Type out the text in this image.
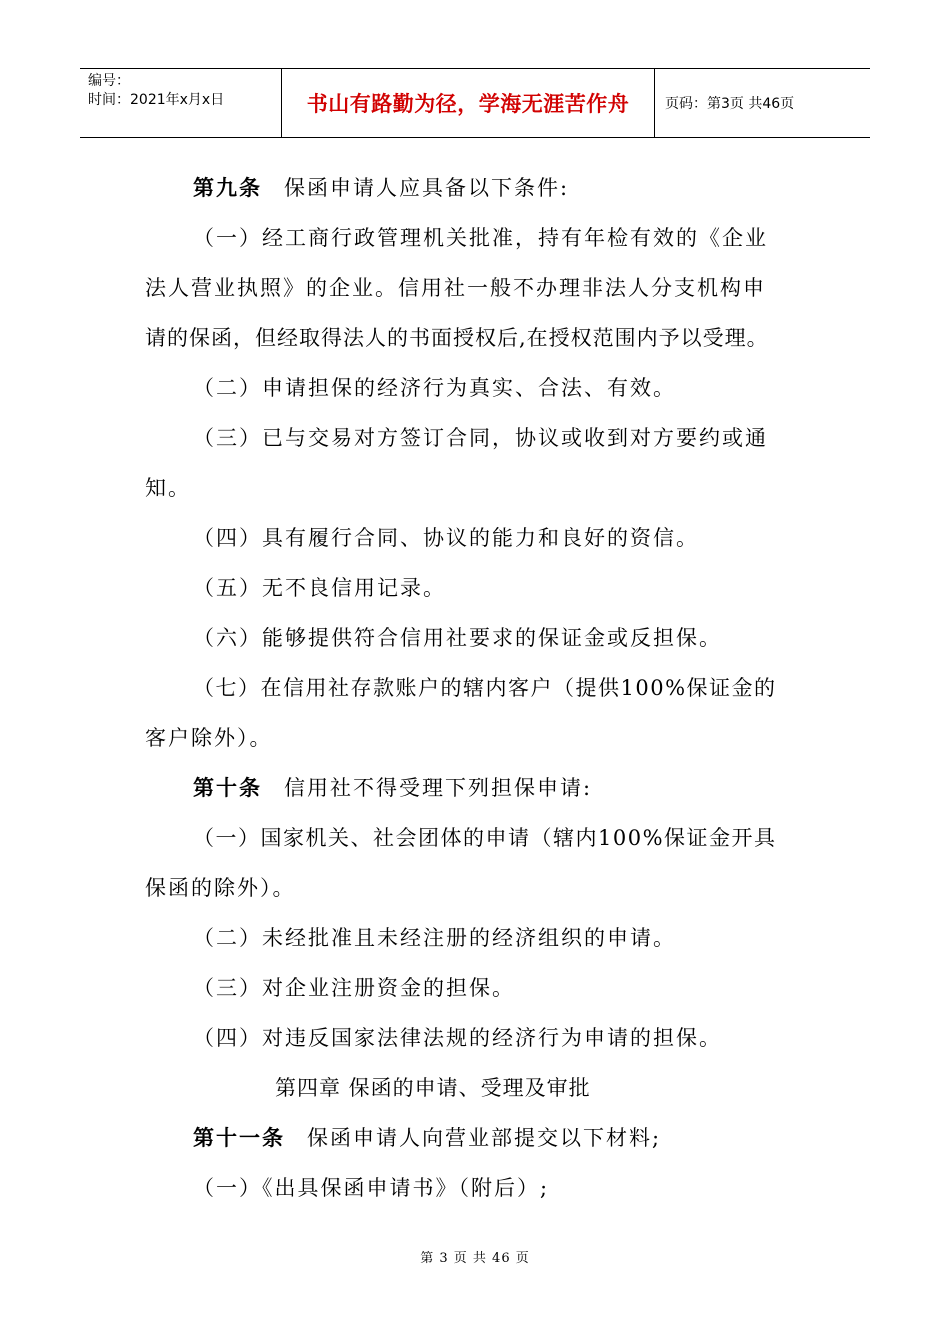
编号：
时间：2021年x月x日	书山有路勤为径，学海无涯苦作舟	页码：第3页 共46页
第九条 保函申请人应具备以下条件:
（一）经工商行政管理机关批准，持有年检有效的《企业
法人营业执照》的企业。信用社一般不办理非法人分支机构申
请的保函，但经取得法人的书面授权后,在授权范围内予以受理。
（二）申请担保的经济行为真实、合法、有效。
（三）已与交易对方签订合同，协议或收到对方要约或通
知。
（四）具有履行合同、协议的能力和良好的资信。
（五）无不良信用记录。
（六）能够提供符合信用社要求的保证金或反担保。
（七）在信用社存款账户的辖内客户（提供100%保证金的
客户除外）。
第十条 信用社不得受理下列担保申请:
（一）国家机关、社会团体的申请（辖内100%保证金开具
保函的除外）。
（二）未经批准且未经注册的经济组织的申请。
（三）对企业注册资金的担保。
（四）对违反国家法律法规的经济行为申请的担保。
第四章 保函的申请、受理及审批
第十一条 保函申请人向营业部提交以下材料;
（一）《出具保函申请书》（附后）;
第 3 页 共 46 页
